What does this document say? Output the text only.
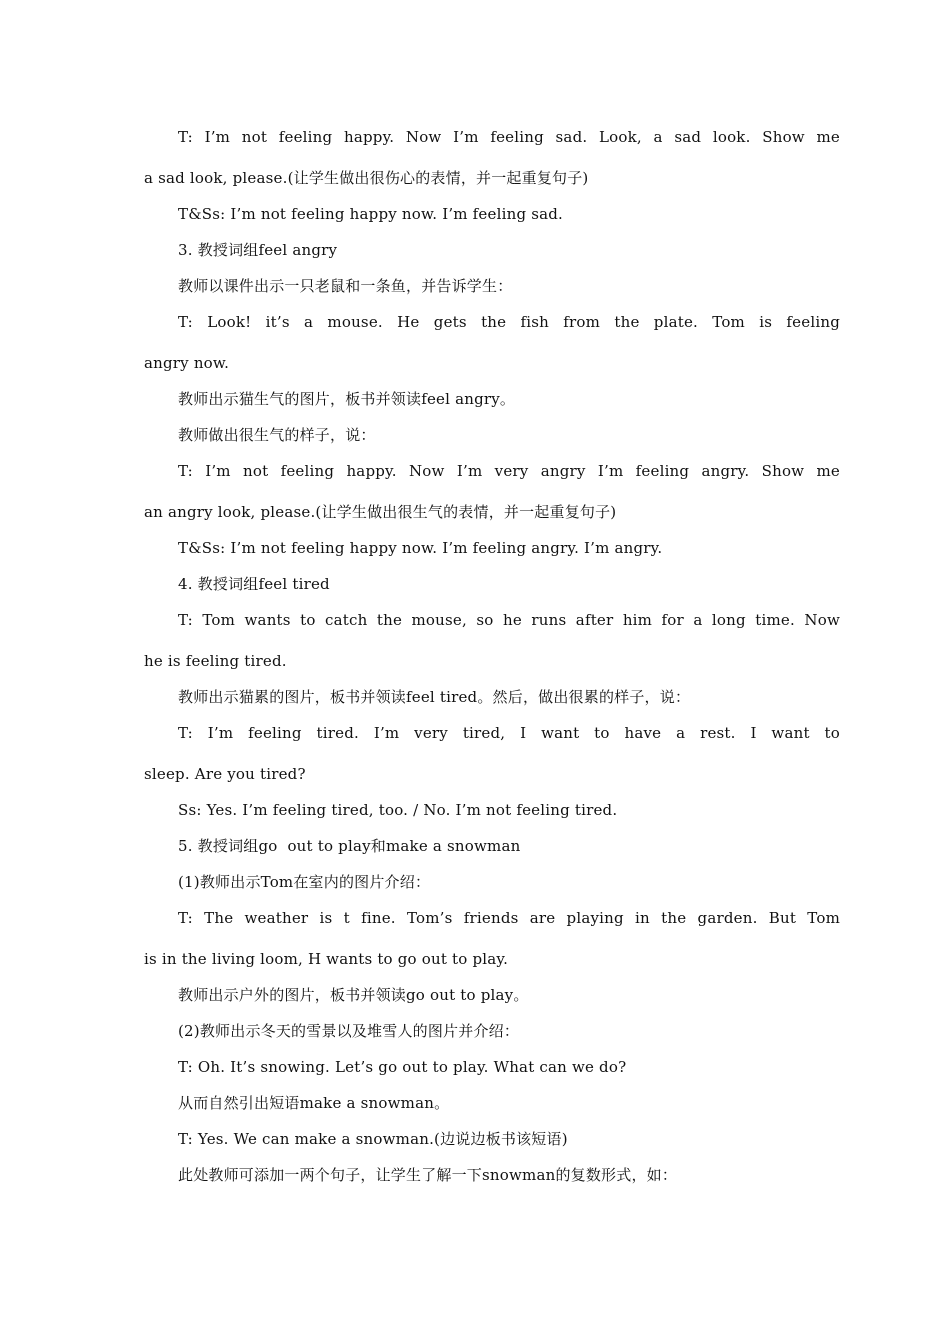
T: I’m not feeling happy. Now I’m feeling sad. Look, a sad look. Show me
a sad look, please.(让学生做出很伤心的表情，并一起重复句子)
T&Ss: I’m not feeling happy now. I’m feeling sad.
3. 教授词组feel angry
教师以课件出示一只老鼠和一条鱼，并告诉学生：
T: Look! it’s a mouse. He gets the fish from the plate. Tom is feeling
angry now.
教师出示猫生气的图片，板书并领读feel angry。
教师做出很生气的样子，说：
T: I’m not feeling happy. Now I’m very angry I’m feeling angry. Show me
an angry look, please.(让学生做出很生气的表情，并一起重复句子)
T&Ss: I’m not feeling happy now. I’m feeling angry. I’m angry.
4. 教授词组feel tired
T: Tom wants to catch the mouse, so he runs after him for a long time. Now
he is feeling tired.
教师出示猫累的图片，板书并领读feel tired。然后，做出很累的样子，说：
T: I’m feeling tired. I’m very tired, I want to have a rest. I want to
sleep. Are you tired?
Ss: Yes. I’m feeling tired, too. / No. I’m not feeling tired.
5. 教授词组go  out to play和make a snowman
(1)教师出示Tom在室内的图片介绍：
T: The weather is t fine. Tom’s friends are playing in the garden. But Tom
is in the living loom, H wants to go out to play.
教师出示户外的图片，板书并领读go out to play。
(2)教师出示冬天的雪景以及堆雪人的图片并介绍：
T: Oh. It’s snowing. Let’s go out to play. What can we do?
从而自然引出短语make a snowman。
T: Yes. We can make a snowman.(边说边板书该短语)
此处教师可添加一两个句子，让学生了解一下snowman的复数形式，如：
